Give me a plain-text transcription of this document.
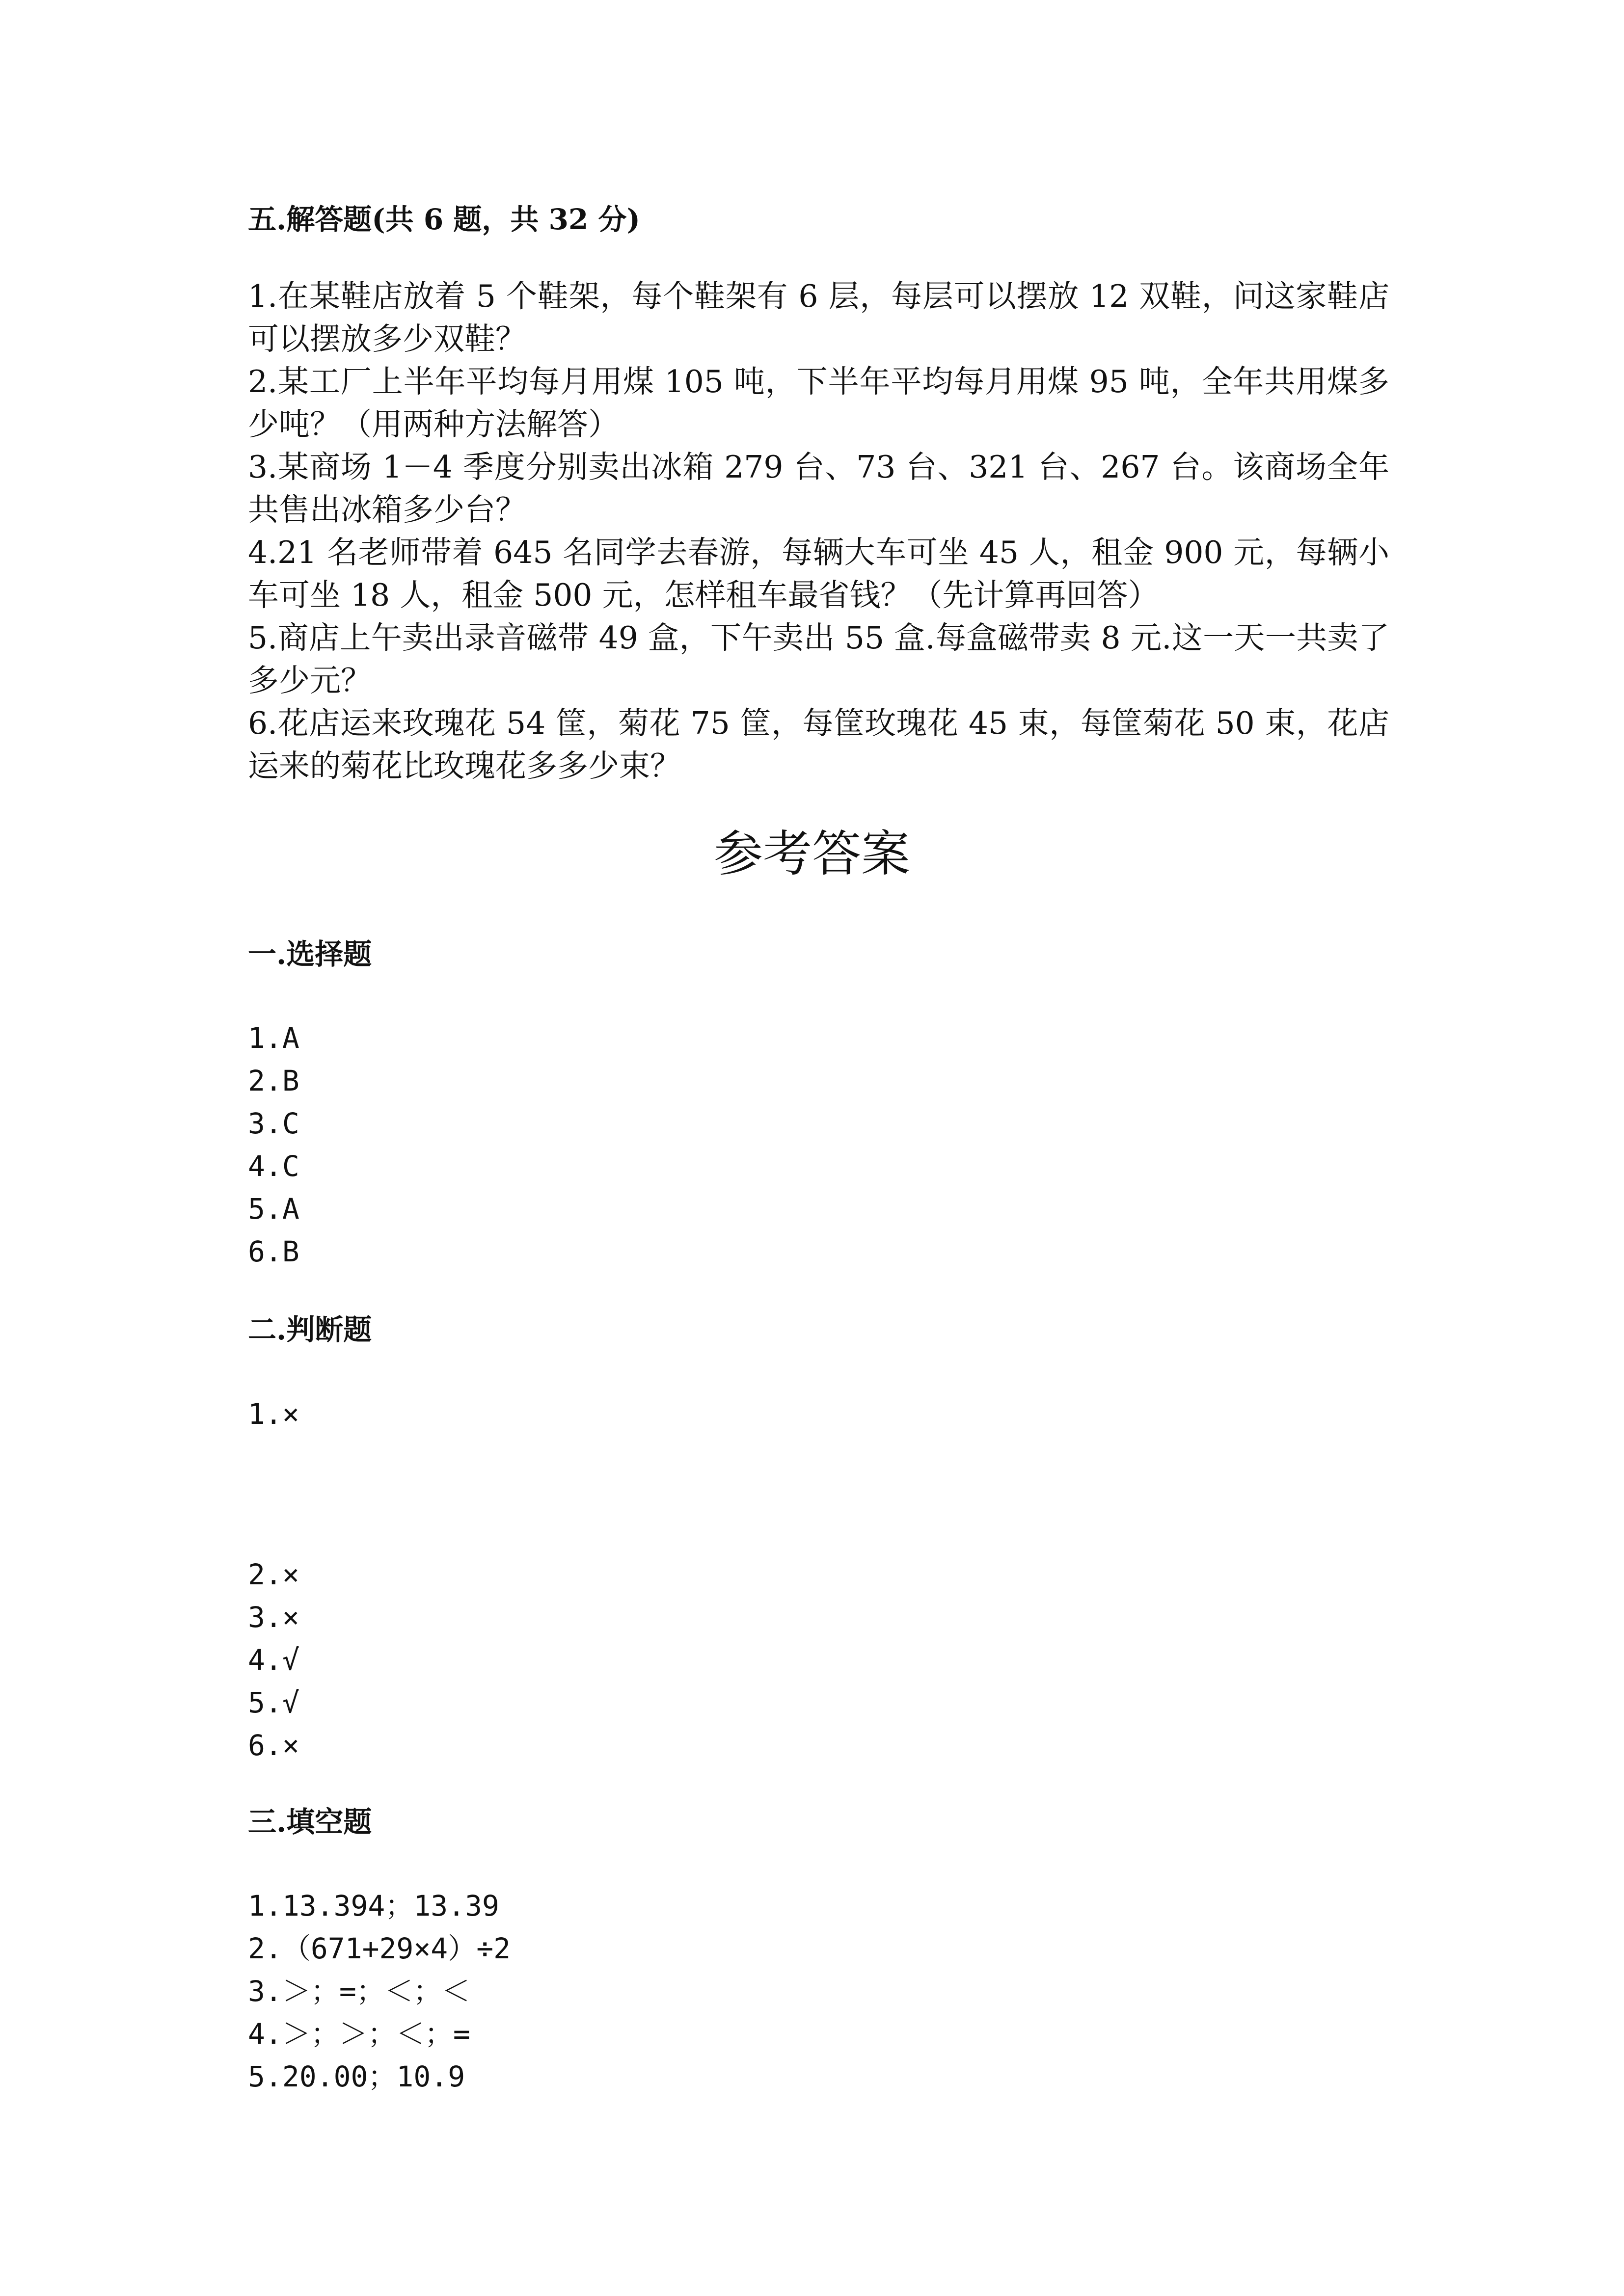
五.解答题(共 6 题，共 32 分)
1.在某鞋店放着 5 个鞋架，每个鞋架有 6 层，每层可以摆放 12 双鞋，问这家鞋店可以摆放多少双鞋？
2.某工厂上半年平均每月用煤 105 吨，下半年平均每月用煤 95 吨，全年共用煤多少吨？（用两种方法解答）
3.某商场 1－4 季度分别卖出冰箱 279 台、73 台、321 台、267 台。该商场全年共售出冰箱多少台？
4.21 名老师带着 645 名同学去春游，每辆大车可坐 45 人，租金 900 元，每辆小车可坐 18 人，租金 500 元，怎样租车最省钱？（先计算再回答）
5.商店上午卖出录音磁带 49 盒，下午卖出 55 盒.每盒磁带卖 8 元.这一天一共卖了多少元？
6.花店运来玫瑰花 54 筐，菊花 75 筐，每筐玫瑰花 45 束，每筐菊花 50 束，花店运来的菊花比玫瑰花多多少束？
参考答案
一.选择题
1.A
2.B
3.C
4.C
5.A
6.B
二.判断题
1.×
2.×
3.×
4.√
5.√
6.×
三.填空题
1.13.394；13.39
2.（671+29×4）÷2
3.＞；=；＜；＜
4.＞；＞；＜；=
5.20.00；10.9
